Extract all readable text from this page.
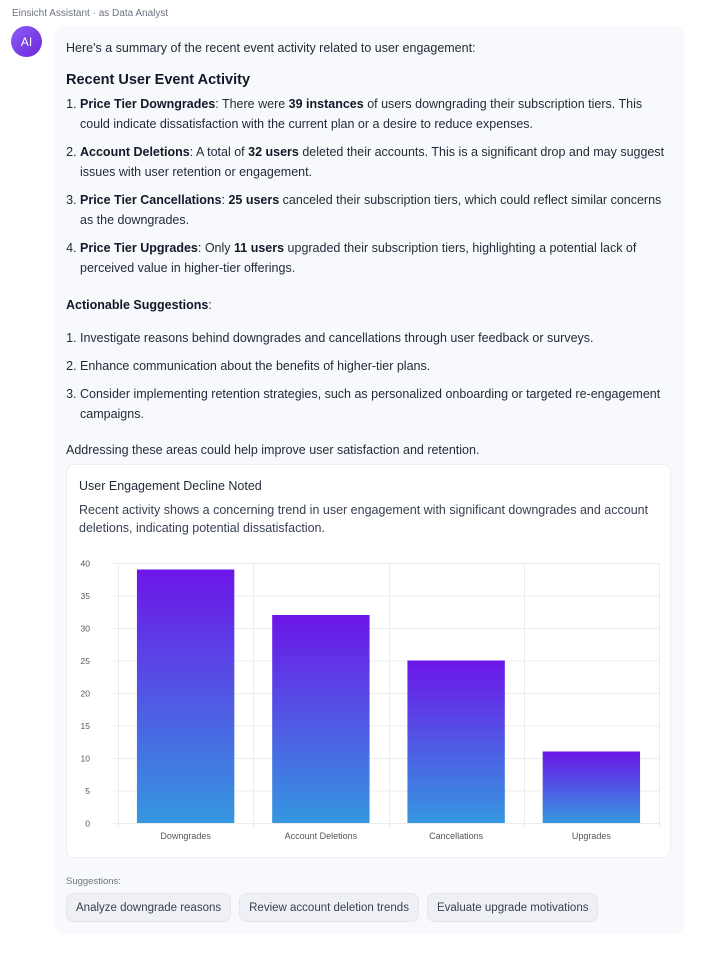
Einsicht Assistant · as Data Analyst
AI	Here's a summary of the recent event activity related to user engagement:

Recent User Event Activity
1. Price Tier Downgrades: There were 39 instances of users downgrading their subscription tiers. This could indicate dissatisfaction with the current plan or a desire to reduce expenses.
2. Account Deletions: A total of 32 users deleted their accounts. This is a significant drop and may suggest issues with user retention or engagement.
3. Price Tier Cancellations: 25 users canceled their subscription tiers, which could reflect similar concerns as the downgrades.
4. Price Tier Upgrades: Only 11 users upgraded their subscription tiers, highlighting a potential lack of perceived value in higher-tier offerings.

Actionable Suggestions:

1. Investigate reasons behind downgrades and cancellations through user feedback or surveys.
2. Enhance communication about the benefits of higher-tier plans.
3. Consider implementing retention strategies, such as personalized onboarding or targeted re-engagement campaigns.

Addressing these areas could help improve user satisfaction and retention.

User Engagement Decline Noted
Recent activity shows a concerning trend in user engagement with significant downgrades and account deletions, indicating potential dissatisfaction.
0
5
10
15
20
25
30
35
40
Downgrades	Account Deletions	Cancellations	Upgrades
Suggestions:
Analyze downgrade reasons	Review account deletion trends	Evaluate upgrade motivations
